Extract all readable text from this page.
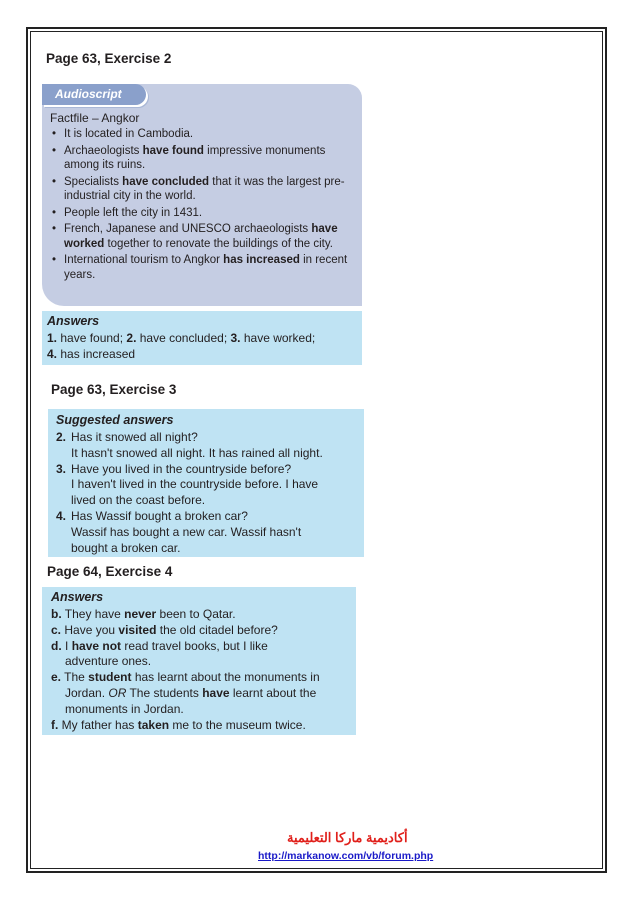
Page 63, Exercise 2
Audioscript
Factfile – Angkor
• It is located in Cambodia.
• Archaeologists have found impressive monuments among its ruins.
• Specialists have concluded that it was the largest pre-industrial city in the world.
• People left the city in 1431.
• French, Japanese and UNESCO archaeologists have worked together to renovate the buildings of the city.
• International tourism to Angkor has increased in recent years.
Answers
1. have found; 2. have concluded; 3. have worked;
4. has increased
Page 63, Exercise 3
Suggested answers
2. Has it snowed all night?
It hasn't snowed all night. It has rained all night.
3. Have you lived in the countryside before?
I haven't lived in the countryside before. I have
lived on the coast before.
4. Has Wassif bought a broken car?
Wassif has bought a new car. Wassif hasn't
bought a broken car.
Page 64, Exercise 4
Answers
b. They have never been to Qatar.
c. Have you visited the old citadel before?
d. I have not read travel books, but I like
adventure ones.
e. The student has learnt about the monuments in
Jordan. OR The students have learnt about the
monuments in Jordan.
f. My father has taken me to the museum twice.
أكاديمية ماركا التعليمية
http://markanow.com/vb/forum.php
